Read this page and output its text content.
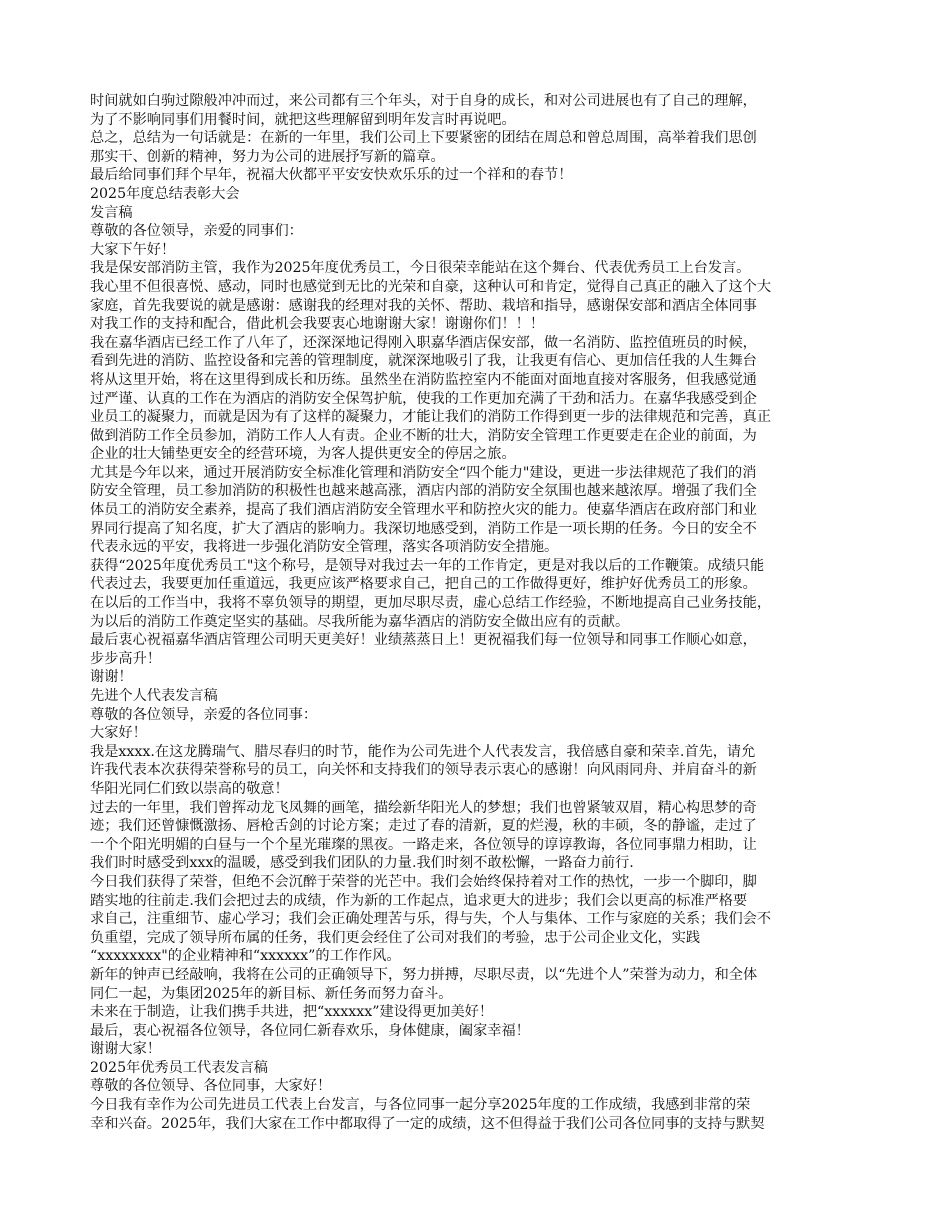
时间就如白驹过隙般冲冲而过，来公司都有三个年头，对于自身的成长，和对公司进展也有了自己的理解，
为了不影响同事们用餐时间，就把这些理解留到明年发言时再说吧。
总之，总结为一句话就是：在新的一年里，我们公司上下要紧密的团结在周总和曾总周围，高举着我们思创
那实干、创新的精神，努力为公司的进展抒写新的篇章。
最后给同事们拜个早年，祝福大伙都平平安安快欢乐乐的过一个祥和的春节！
2025年度总结表彰大会
发言稿
尊敬的各位领导，亲爱的同事们：
大家下午好！
我是保安部消防主管，我作为2025年度优秀员工，今日很荣幸能站在这个舞台、代表优秀员工上台发言。
我心里不但很喜悦、感动，同时也感觉到无比的光荣和自豪，这种认可和肯定，觉得自己真正的融入了这个大
家庭，首先我要说的就是感谢：感谢我的经理对我的关怀、帮助、栽培和指导，感谢保安部和酒店全体同事
对我工作的支持和配合，借此机会我要衷心地谢谢大家！谢谢你们！！！
我在嘉华酒店已经工作了八年了，还深深地记得刚入职嘉华酒店保安部，做一名消防、监控值班员的时候，
看到先进的消防、监控设备和完善的管理制度，就深深地吸引了我，让我更有信心、更加信任我的人生舞台
将从这里开始，将在这里得到成长和历练。虽然坐在消防监控室内不能面对面地直接对客服务，但我感觉通
过严谨、认真的工作在为酒店的消防安全保驾护航，使我的工作更加充满了干劲和活力。在嘉华我感受到企
业员工的凝聚力，而就是因为有了这样的凝聚力，才能让我们的消防工作得到更一步的法律规范和完善，真正
做到消防工作全员参加，消防工作人人有责。企业不断的壮大，消防安全管理工作更要走在企业的前面，为
企业的壮大铺垫更安全的经营环境，为客人提供更安全的停居之旅。
尤其是今年以来，通过开展消防安全标准化管理和消防安全“四个能力"建设，更进一步法律规范了我们的消
防安全管理，员工参加消防的积极性也越来越高涨，酒店内部的消防安全氛围也越来越浓厚。增强了我们全
体员工的消防安全素养，提高了我们酒店消防安全管理水平和防控火灾的能力。使嘉华酒店在政府部门和业
界同行提高了知名度，扩大了酒店的影响力。我深切地感受到，消防工作是一项长期的任务。今日的安全不
代表永远的平安，我将进一步强化消防安全管理，落实各项消防安全措施。
获得“2025年度优秀员工"这个称号，是领导对我过去一年的工作肯定，更是对我以后的工作鞭策。成绩只能
代表过去，我要更加任重道远，我更应该严格要求自己，把自己的工作做得更好，维护好优秀员工的形象。
在以后的工作当中，我将不辜负领导的期望，更加尽职尽责，虚心总结工作经验，不断地提高自己业务技能，
为以后的消防工作奠定坚实的基础。尽我所能为嘉华酒店的消防安全做出应有的贡献。
最后衷心祝福嘉华酒店管理公司明天更美好！业绩蒸蒸日上！更祝福我们每一位领导和同事工作顺心如意，
步步高升！
谢谢！
先进个人代表发言稿
尊敬的各位领导，亲爱的各位同事：
大家好！
我是xxxx.在这龙腾瑞气、腊尽春归的时节，能作为公司先进个人代表发言，我倍感自豪和荣幸.首先，请允
许我代表本次获得荣誉称号的员工，向关怀和支持我们的领导表示衷心的感谢！向风雨同舟、并肩奋斗的新
华阳光同仁们致以崇高的敬意！
过去的一年里，我们曾挥动龙飞凤舞的画笔，描绘新华阳光人的梦想；我们也曾紧皱双眉，精心构思梦的奇
迹；我们还曾慷慨激扬、唇枪舌剑的讨论方案；走过了春的清新，夏的烂漫，秋的丰硕，冬的静谧，走过了
一个个阳光明媚的白昼与一个个星光璀璨的黑夜。一路走来，各位领导的谆谆教诲，各位同事鼎力相助，让
我们时时感受到xxx的温暖，感受到我们团队的力量.我们时刻不敢松懈，一路奋力前行.
今日我们获得了荣誉，但绝不会沉醉于荣誉的光芒中。我们会始终保持着对工作的热忱，一步一个脚印，脚
踏实地的往前走.我们会把过去的成绩，作为新的工作起点，追求更大的进步；我们会以更高的标准严格要
求自己，注重细节、虚心学习；我们会正确处理苦与乐，得与失，个人与集体、工作与家庭的关系；我们会不
负重望，完成了领导所布属的任务，我们更会经住了公司对我们的考验，忠于公司企业文化，实践
“xxxxxxxx"的企业精神和“xxxxxx”的工作作风。
新年的钟声已经敲响，我将在公司的正确领导下，努力拼搏，尽职尽责，以“先进个人”荣誉为动力，和全体
同仁一起，为集团2025年的新目标、新任务而努力奋斗。
未来在于制造，让我们携手共进，把“xxxxxx”建设得更加美好！
最后，衷心祝福各位领导，各位同仁新春欢乐，身体健康，阖家幸福！
谢谢大家！
2025年优秀员工代表发言稿
尊敬的各位领导、各位同事，大家好！
今日我有幸作为公司先进员工代表上台发言，与各位同事一起分享2025年度的工作成绩，我感到非常的荣
幸和兴奋。2025年，我们大家在工作中都取得了一定的成绩，这不但得益于我们公司各位同事的支持与默契
